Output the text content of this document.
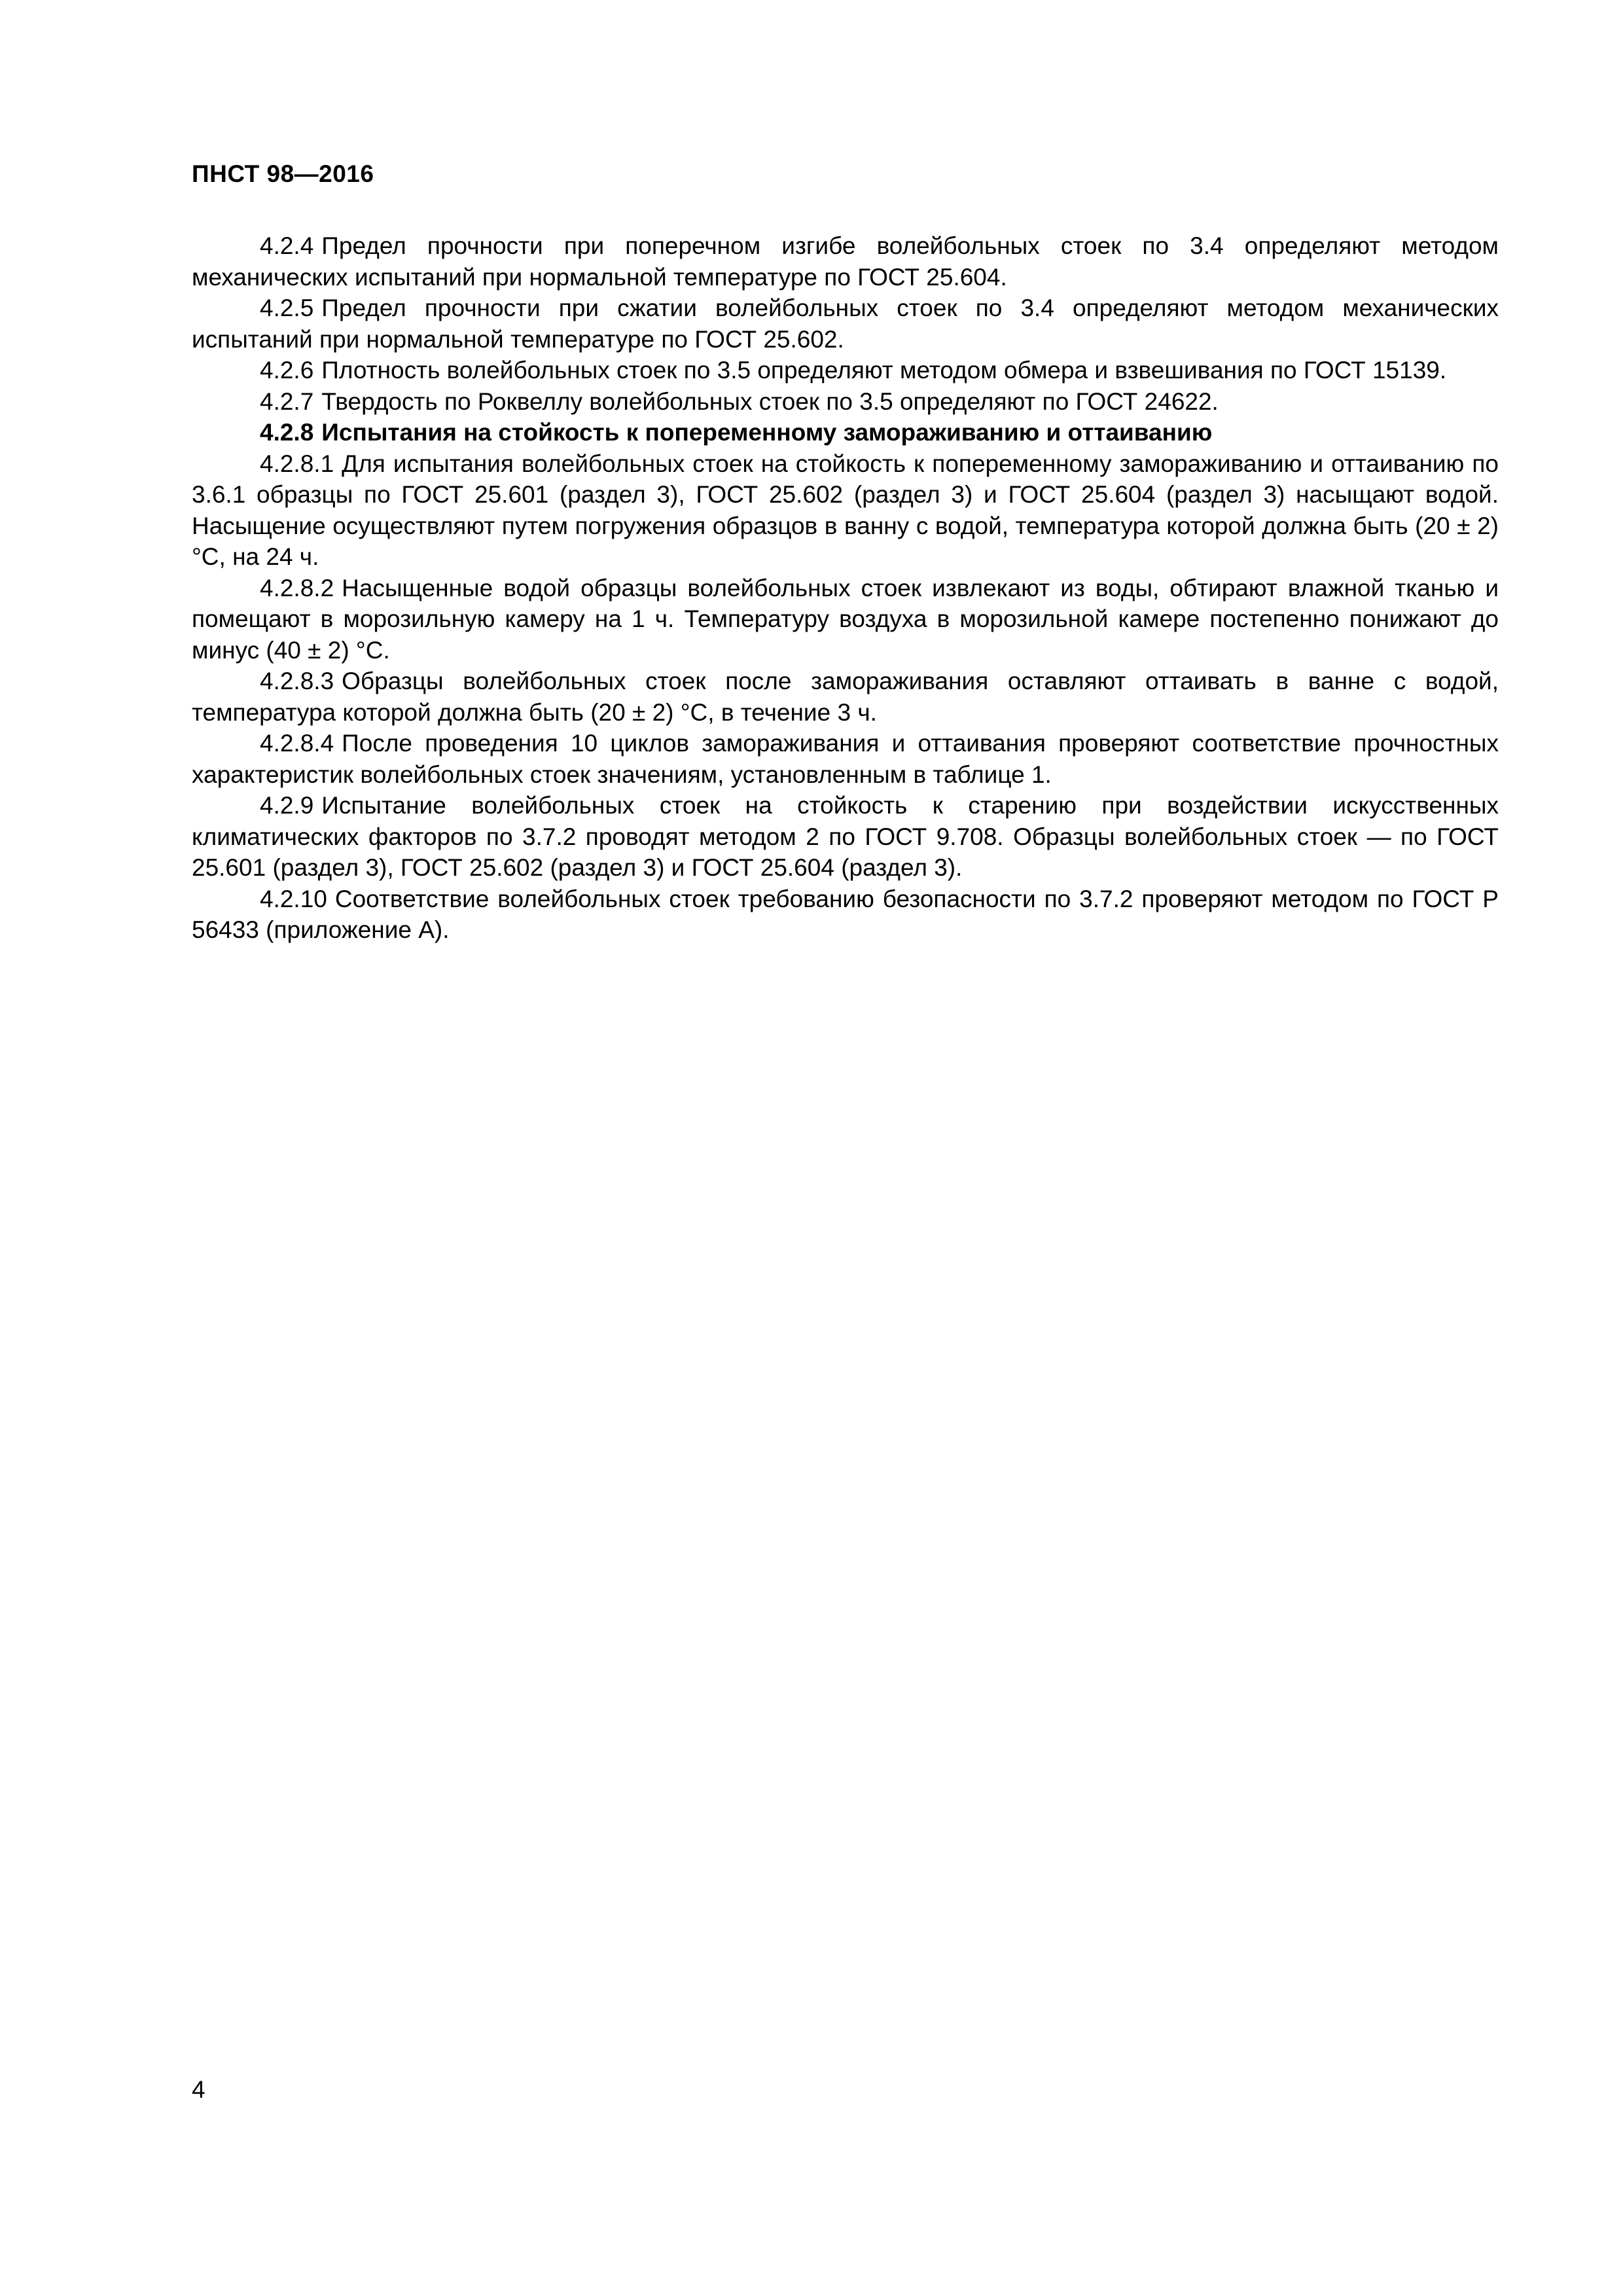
ПНСТ 98—2016

4.2.4 Предел прочности при поперечном изгибе волейбольных стоек по 3.4 определяют методом механических испытаний при нормальной температуре по ГОСТ 25.604.

4.2.5 Предел прочности при сжатии волейбольных стоек по 3.4 определяют методом механических испытаний при нормальной температуре по ГОСТ 25.602.

4.2.6 Плотность волейбольных стоек по 3.5 определяют методом обмера и взвешивания по ГОСТ 15139.

4.2.7 Твердость по Роквеллу волейбольных стоек по 3.5 определяют по ГОСТ 24622.

4.2.8 Испытания на стойкость к попеременному замораживанию и оттаиванию

4.2.8.1 Для испытания волейбольных стоек на стойкость к попеременному замораживанию и оттаиванию по 3.6.1 образцы по ГОСТ 25.601 (раздел 3), ГОСТ 25.602 (раздел 3) и ГОСТ 25.604 (раздел 3) насыщают водой. Насыщение осуществляют путем погружения образцов в ванну с водой, температура которой должна быть (20 ± 2) °С, на 24 ч.

4.2.8.2 Насыщенные водой образцы волейбольных стоек извлекают из воды, обтирают влажной тканью и помещают в морозильную камеру на 1 ч. Температуру воздуха в морозильной камере постепенно понижают до минус (40 ± 2) °С.

4.2.8.3 Образцы волейбольных стоек после замораживания оставляют оттаивать в ванне с водой, температура которой должна быть (20 ± 2) °С, в течение 3 ч.

4.2.8.4 После проведения 10 циклов замораживания и оттаивания проверяют соответствие прочностных характеристик волейбольных стоек значениям, установленным в таблице 1.

4.2.9 Испытание волейбольных стоек на стойкость к старению при воздействии искусственных климатических факторов по 3.7.2 проводят методом 2 по ГОСТ 9.708. Образцы волейбольных стоек — по ГОСТ 25.601 (раздел 3), ГОСТ 25.602 (раздел 3) и ГОСТ 25.604 (раздел 3).

4.2.10 Соответствие волейбольных стоек требованию безопасности по 3.7.2 проверяют методом по ГОСТ Р 56433 (приложение А).

4
